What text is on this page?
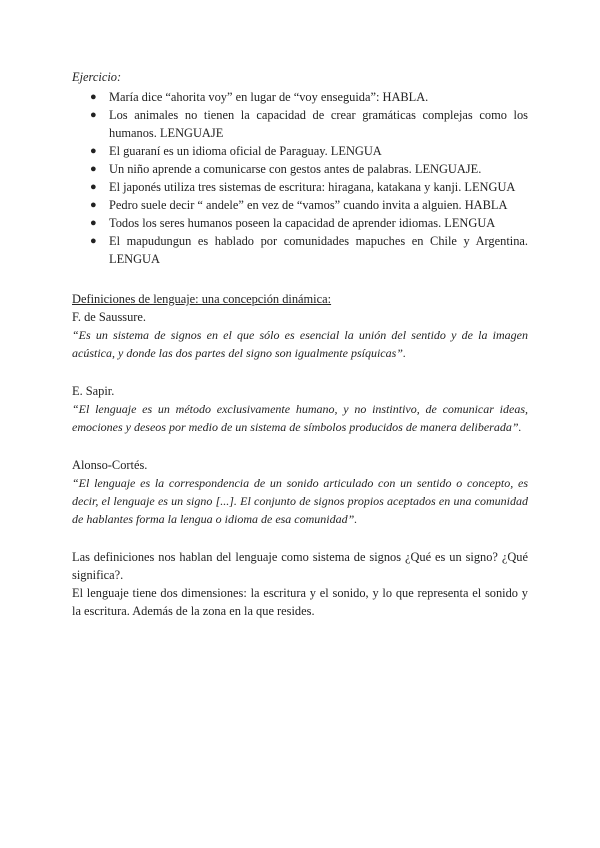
Ejercicio:
● María dice “ahorita voy” en lugar de “voy enseguida”: HABLA.
● Los animales no tienen la capacidad de crear gramáticas complejas como los humanos. LENGUAJE
● El guaraní es un idioma oficial de Paraguay. LENGUA
● Un niño aprende a comunicarse con gestos antes de palabras. LENGUAJE.
● El japonés utiliza tres sistemas de escritura: hiragana, katakana y kanji. LENGUA
● Pedro suele decir “ andele” en vez de “vamos” cuando invita a alguien. HABLA
● Todos los seres humanos poseen la capacidad de aprender idiomas. LENGUA
● El mapudungun es hablado por comunidades mapuches en Chile y Argentina. LENGUA
Definiciones de lenguaje: una concepción dinámica:
F. de Saussure.
“Es un sistema de signos en el que sólo es esencial la unión del sentido y de la imagen acústica, y donde las dos partes del signo son igualmente psíquicas”.
E. Sapir.
“El lenguaje es un método exclusivamente humano, y no instintivo, de comunicar ideas, emociones y deseos por medio de un sistema de símbolos producidos de manera deliberada”.
Alonso-Cortés.
“El lenguaje es la correspondencia de un sonido articulado con un sentido o concepto, es decir, el lenguaje es un signo [...]. El conjunto de signos propios aceptados en una comunidad de hablantes forma la lengua o idioma de esa comunidad”.
Las definiciones nos hablan del lenguaje como sistema de signos ¿Qué es un signo? ¿Qué significa?.
El lenguaje tiene dos dimensiones: la escritura y el sonido, y lo que representa el sonido y la escritura. Además de la zona en la que resides.
